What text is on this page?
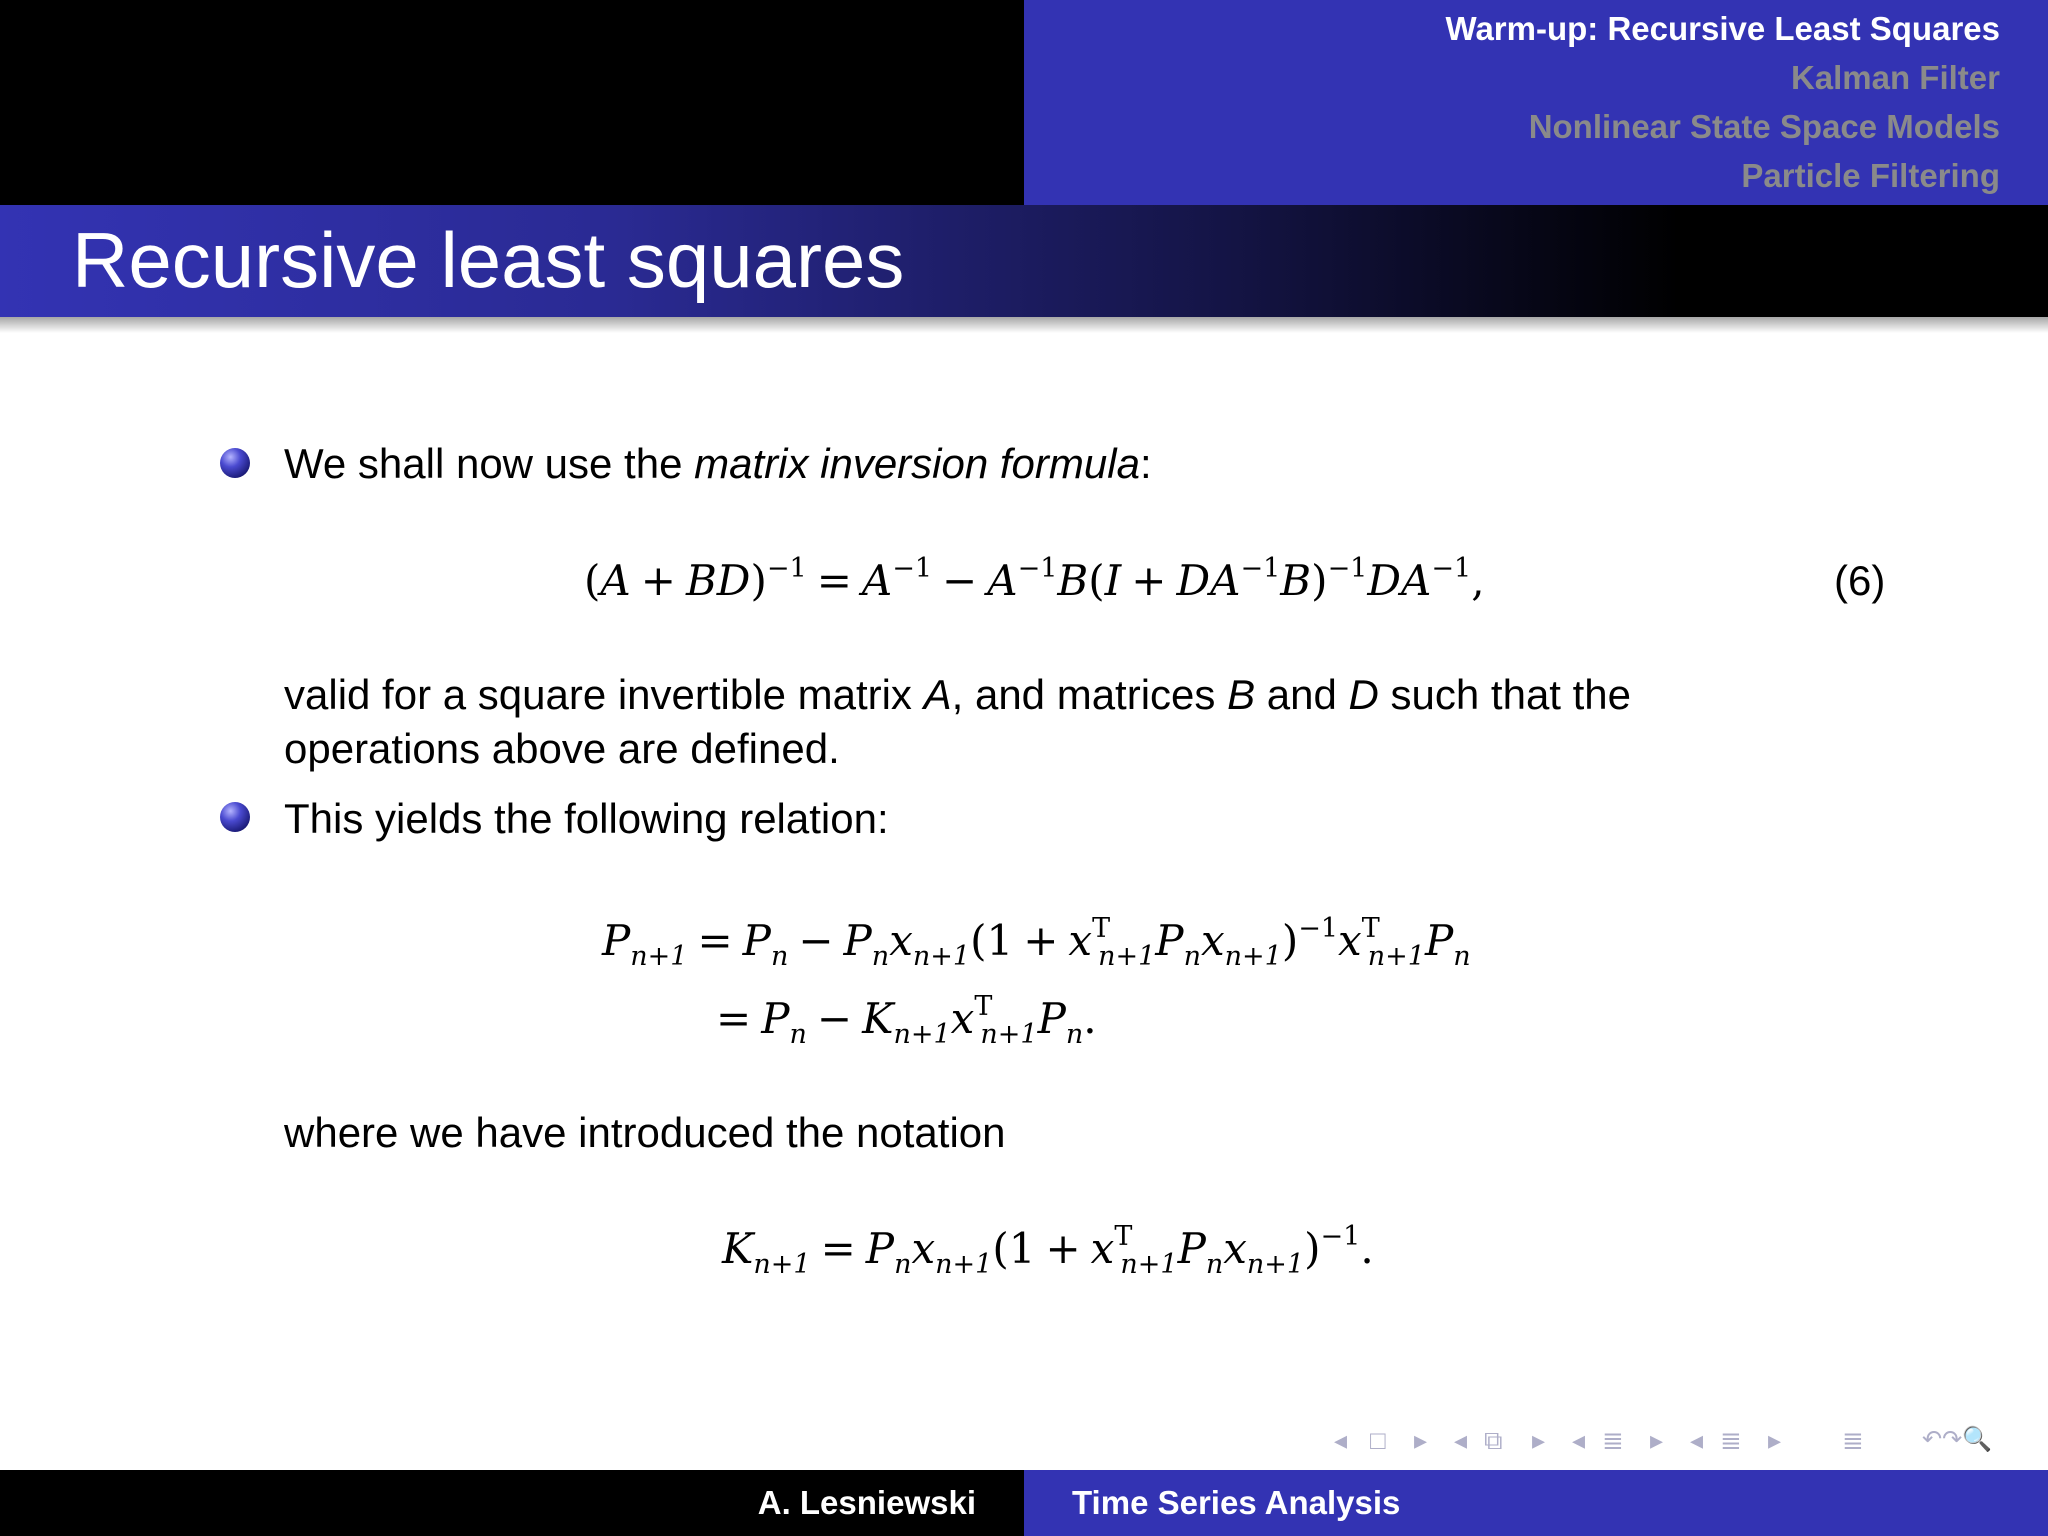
Warm-up: Recursive Least Squares
Kalman Filter
Nonlinear State Space Models
Particle Filtering
Recursive least squares
We shall now use the matrix inversion formula:
$(A + BD)^{-1} = A^{-1} - A^{-1}B(I + DA^{-1}B)^{-1}DA^{-1}$,	(6)
valid for a square invertible matrix A, and matrices B and D such that the
operations above are defined.
This yields the following relation:
$P_{n+1} = P_n - P_nx_{n+1}(1 + x^T_{n+1}P_nx_{n+1})^{-1}x^T_{n+1}P_n$
= $P_n - K_{n+1}x^T_{n+1}P_n$.
where we have introduced the notation
$K_{n+1} = P_nx_{n+1}(1 + x^T_{n+1}P_nx_{n+1})^{-1}$.
◂ □ ▸ ◂ ⧉ ▸ ◂ ≣ ▸ ◂ ≣ ▸ ≣ ↶↷🔍
A. Lesniewski	Time Series Analysis
